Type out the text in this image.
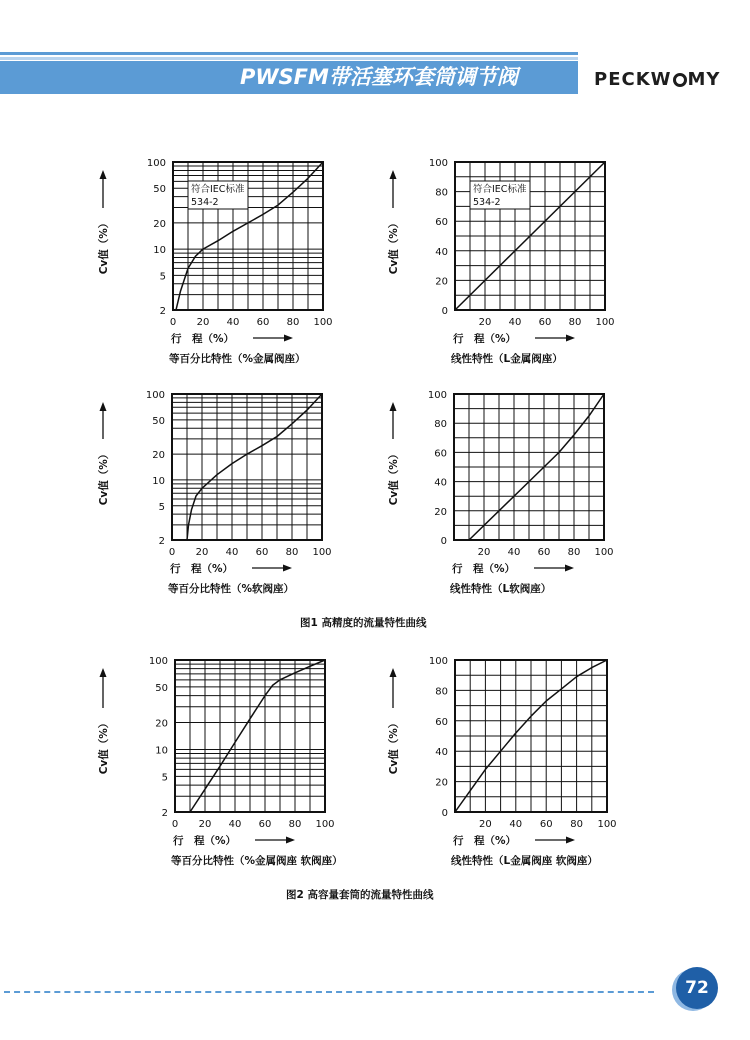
PWSFM带活塞环套筒调节阀	PECKW MY
100
50
20
10
5
2
0 20 40 60 80 100
符合IEC标准
534-2
Cv值（%）
行　程（%）
等百分比特性（%金属阀座）
100
80
60
40
20
0
20 40 60 80 100
符合IEC标准
534-2
Cv值（%）
行　程（%）
线性特性（L金属阀座）
100
50
20
10
5
2
0 20 40 60 80 100
Cv值（%）
行　程（%）
等百分比特性（%软阀座）
100
80
60
40
20
0
20 40 60 80 100
Cv值（%）
行　程（%）
线性特性（L软阀座）
图1 高精度的流量特性曲线
100
50
20
10
5
2
0 20 40 60 80 100
Cv值（%）
行　程（%）
等百分比特性（%金属阀座 软阀座）
100
80
60
40
20
0
20 40 60 80 100
Cv值（%）
行　程（%）
线性特性（L金属阀座 软阀座）
图2 高容量套筒的流量特性曲线
72
